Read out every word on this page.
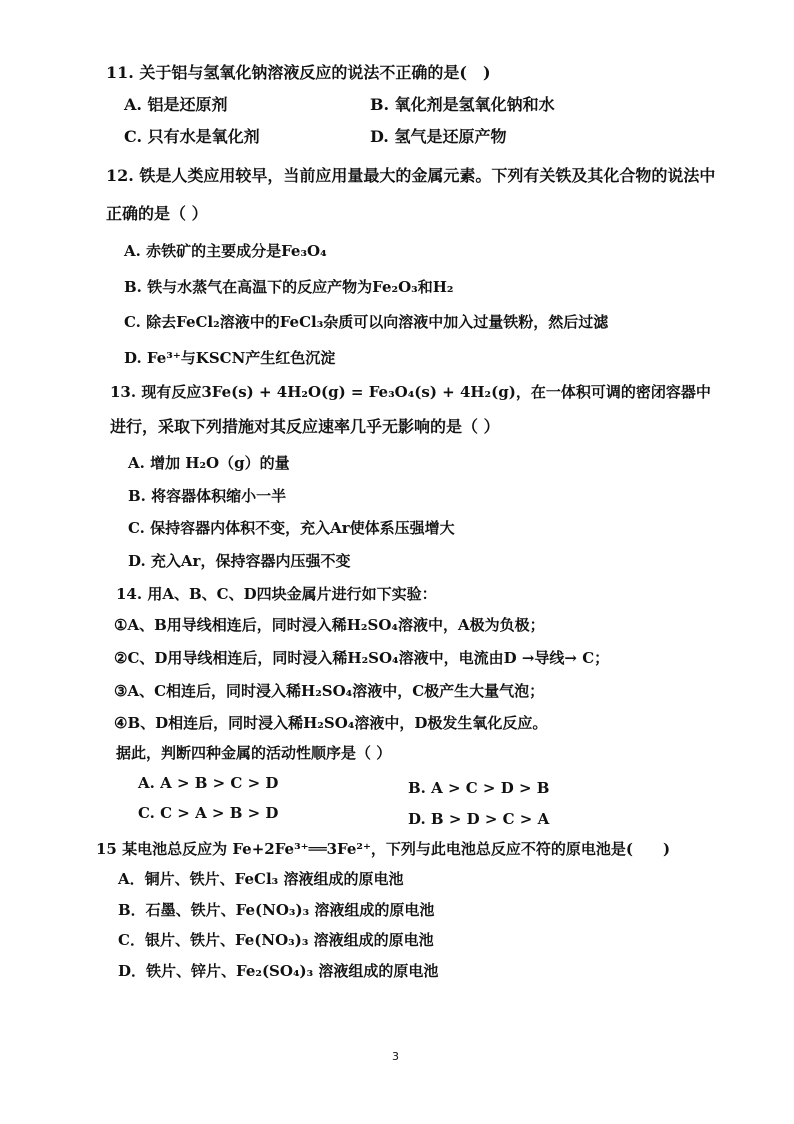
11. 关于铝与氢氧化钠溶液反应的说法不正确的是(　)
A. 铝是还原剂	B. 氧化剂是氢氧化钠和水
C. 只有水是氧化剂	D. 氢气是还原产物
12. 铁是人类应用较早，当前应用量最大的金属元素。下列有关铁及其化合物的说法中
正确的是（ ）
A. 赤铁矿的主要成分是Fe₃O₄
B. 铁与水蒸气在高温下的反应产物为Fe₂O₃和H₂
C. 除去FeCl₂溶液中的FeCl₃杂质可以向溶液中加入过量铁粉，然后过滤
D. Fe³⁺与KSCN产生红色沉淀
13. 现有反应3Fe(s) + 4H₂O(g) = Fe₃O₄(s) + 4H₂(g)，在一体积可调的密闭容器中
进行，采取下列措施对其反应速率几乎无影响的是（ ）
A. 增加 H₂O（g）的量
B. 将容器体积缩小一半
C. 保持容器内体积不变，充入Ar使体系压强增大
D. 充入Ar，保持容器内压强不变
14. 用A、B、C、D四块金属片进行如下实验：
①A、B用导线相连后，同时浸入稀H₂SO₄溶液中，A极为负极；
②C、D用导线相连后，同时浸入稀H₂SO₄溶液中，电流由D →导线→ C；
③A、C相连后，同时浸入稀H₂SO₄溶液中，C极产生大量气泡；
④B、D相连后，同时浸入稀H₂SO₄溶液中，D极发生氧化反应。
据此，判断四种金属的活动性顺序是（ ）
A. A > B > C > D	B. A > C > D > B
C. C > A > B > D	D. B > D > C > A
15 某电池总反应为 Fe+2Fe³⁺══3Fe²⁺，下列与此电池总反应不符的原电池是(　　)
A．铜片、铁片、FeCl₃ 溶液组成的原电池
B．石墨、铁片、Fe(NO₃)₃ 溶液组成的原电池
C．银片、铁片、Fe(NO₃)₃ 溶液组成的原电池
D．铁片、锌片、Fe₂(SO₄)₃ 溶液组成的原电池
3
